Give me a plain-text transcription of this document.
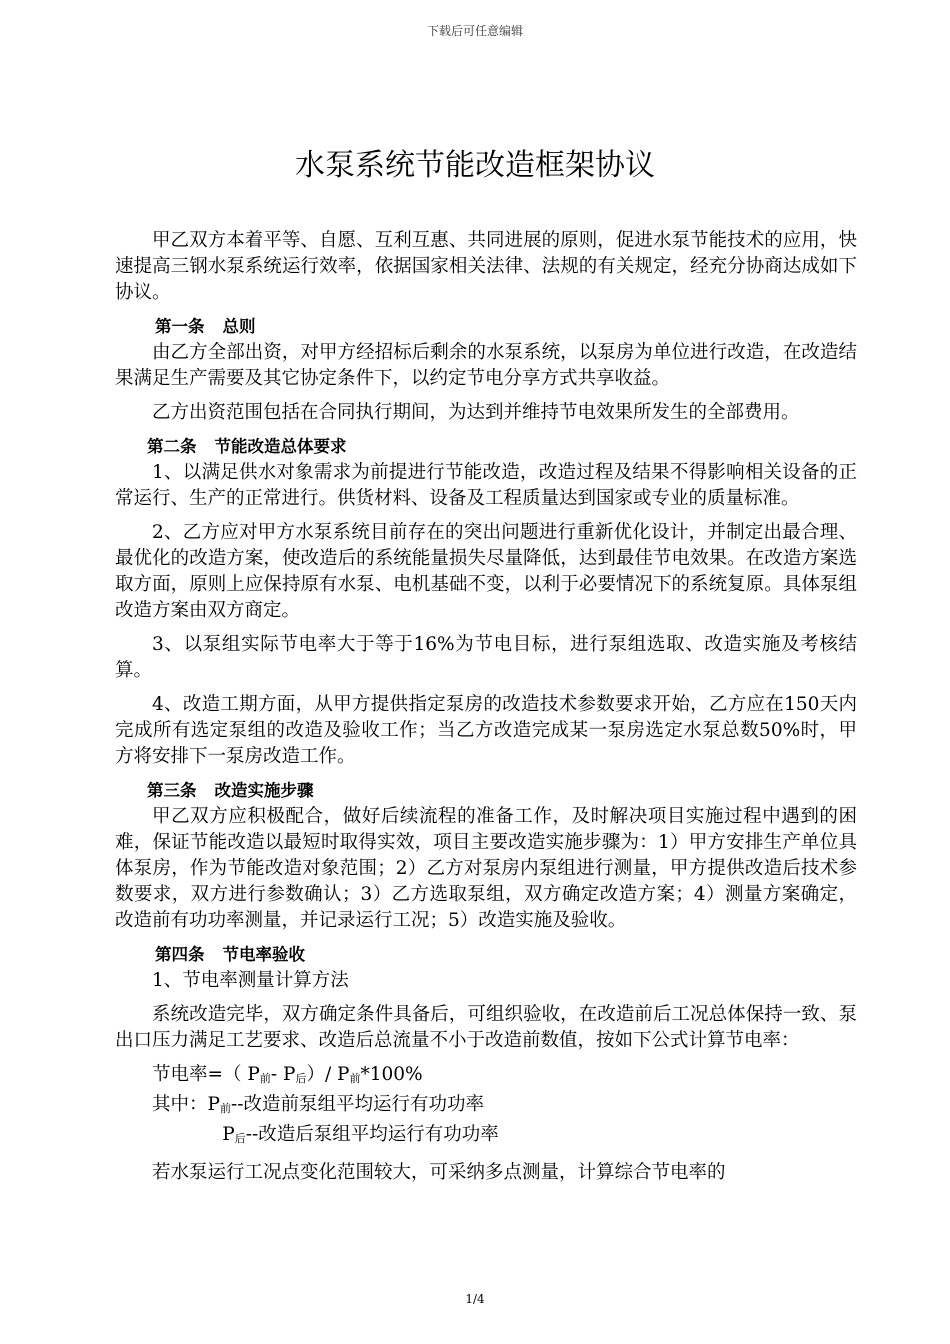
下载后可任意编辑
水泵系统节能改造框架协议

甲乙双方本着平等、自愿、互利互惠、共同进展的原则，促进水泵节能技术的应用，快速提高三钢水泵系统运行效率，依据国家相关法律、法规的有关规定，经充分协商达成如下协议。

第一条 总则

由乙方全部出资，对甲方经招标后剩余的水泵系统，以泵房为单位进行改造，在改造结果满足生产需要及其它协定条件下，以约定节电分享方式共享收益。

乙方出资范围包括在合同执行期间，为达到并维持节电效果所发生的全部费用。

第二条 节能改造总体要求

1、以满足供水对象需求为前提进行节能改造，改造过程及结果不得影响相关设备的正常运行、生产的正常进行。供货材料、设备及工程质量达到国家或专业的质量标准。

2、乙方应对甲方水泵系统目前存在的突出问题进行重新优化设计，并制定出最合理、最优化的改造方案，使改造后的系统能量损失尽量降低，达到最佳节电效果。在改造方案选取方面，原则上应保持原有水泵、电机基础不变，以利于必要情况下的系统复原。具体泵组改造方案由双方商定。

3、以泵组实际节电率大于等于16%为节电目标，进行泵组选取、改造实施及考核结算。

4、改造工期方面，从甲方提供指定泵房的改造技术参数要求开始，乙方应在150天内完成所有选定泵组的改造及验收工作；当乙方改造完成某一泵房选定水泵总数50%时，甲方将安排下一泵房改造工作。

第三条 改造实施步骤

甲乙双方应积极配合，做好后续流程的准备工作，及时解决项目实施过程中遇到的困难，保证节能改造以最短时取得实效，项目主要改造实施步骤为：1）甲方安排生产单位具体泵房，作为节能改造对象范围；2）乙方对泵房内泵组进行测量，甲方提供改造后技术参数要求，双方进行参数确认；3）乙方选取泵组，双方确定改造方案；4）测量方案确定，改造前有功功率测量，并记录运行工况；5）改造实施及验收。

第四条 节电率验收

1、节电率测量计算方法

系统改造完毕，双方确定条件具备后，可组织验收，在改造前后工况总体保持一致、泵出口压力满足工艺要求、改造后总流量不小于改造前数值，按如下公式计算节电率：

节电率=（ $P_前-$ $P_后)/$ $P_前*100\%$

其中：$P_前--$改造前泵组平均运行有功功率

$P_后--$改造后泵组平均运行有功功率

若水泵运行工况点变化范围较大，可采纳多点测量，计算综合节电率的

1/4
